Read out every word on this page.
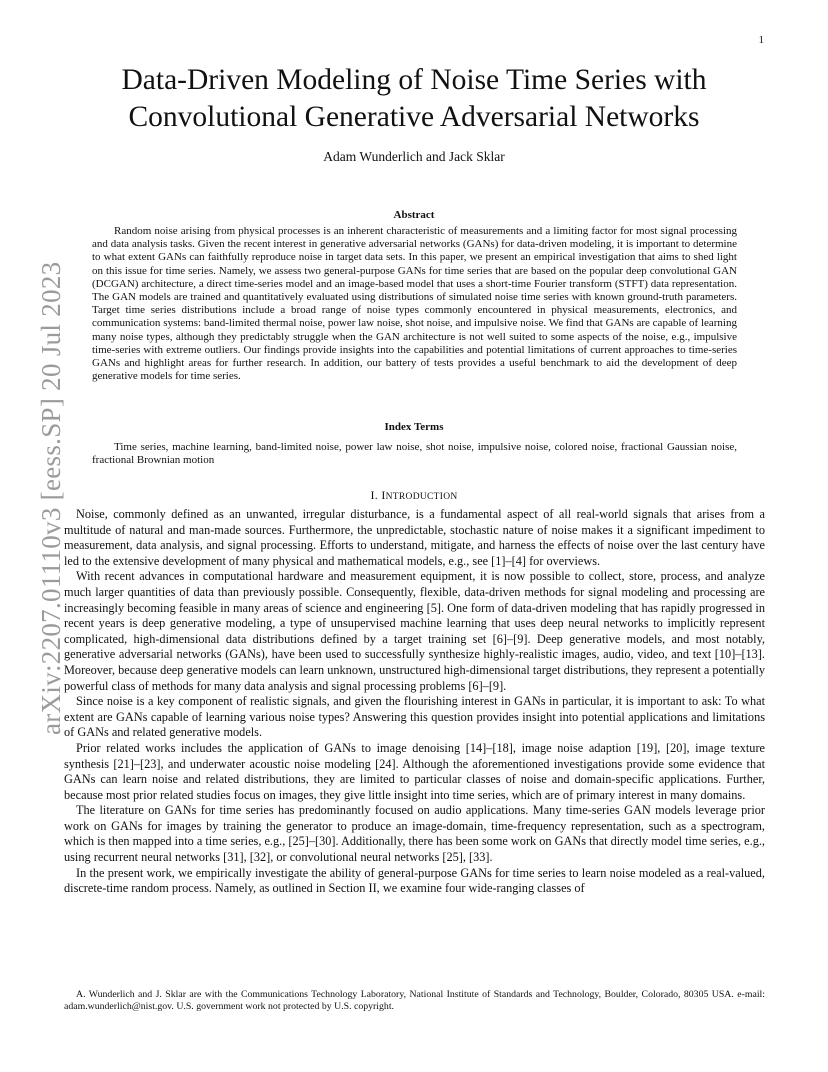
1
arXiv:2207.01110v3 [eess.SP] 20 Jul 2023
Data-Driven Modeling of Noise Time Series with
Convolutional Generative Adversarial Networks
Adam Wunderlich and Jack Sklar
Abstract

Random noise arising from physical processes is an inherent characteristic of measurements and a limiting factor for most signal processing and data analysis tasks. Given the recent interest in generative adversarial networks (GANs) for data-driven modeling, it is important to determine to what extent GANs can faithfully reproduce noise in target data sets. In this paper, we present an empirical investigation that aims to shed light on this issue for time series. Namely, we assess two general-purpose GANs for time series that are based on the popular deep convolutional GAN (DCGAN) architecture, a direct time-series model and an image-based model that uses a short-time Fourier transform (STFT) data representation. The GAN models are trained and quantitatively evaluated using distributions of simulated noise time series with known ground-truth parameters. Target time series distributions include a broad range of noise types commonly encountered in physical measurements, electronics, and communication systems: band-limited thermal noise, power law noise, shot noise, and impulsive noise. We find that GANs are capable of learning many noise types, although they predictably struggle when the GAN architecture is not well suited to some aspects of the noise, e.g., impulsive time-series with extreme outliers. Our findings provide insights into the capabilities and potential limitations of current approaches to time-series GANs and highlight areas for further research. In addition, our battery of tests provides a useful benchmark to aid the development of deep generative models for time series.

Index Terms

Time series, machine learning, band-limited noise, power law noise, shot noise, impulsive noise, colored noise, fractional Gaussian noise, fractional Brownian motion

I. INTRODUCTION

Noise, commonly defined as an unwanted, irregular disturbance, is a fundamental aspect of all real-world signals that arises from a multitude of natural and man-made sources. Furthermore, the unpredictable, stochastic nature of noise makes it a significant impediment to measurement, data analysis, and signal processing. Efforts to understand, mitigate, and harness the effects of noise over the last century have led to the extensive development of many physical and mathematical models, e.g., see [1]–[4] for overviews.

With recent advances in computational hardware and measurement equipment, it is now possible to collect, store, process, and analyze much larger quantities of data than previously possible. Consequently, flexible, data-driven methods for signal modeling and processing are increasingly becoming feasible in many areas of science and engineering [5]. One form of data-driven modeling that has rapidly progressed in recent years is deep generative modeling, a type of unsupervised machine learning that uses deep neural networks to implicitly represent complicated, high-dimensional data distributions defined by a target training set [6]–[9]. Deep generative models, and most notably, generative adversarial networks (GANs), have been used to successfully synthesize highly-realistic images, audio, video, and text [10]–[13]. Moreover, because deep generative models can learn unknown, unstructured high-dimensional target distributions, they represent a potentially powerful class of methods for many data analysis and signal processing problems [6]–[9].

Since noise is a key component of realistic signals, and given the flourishing interest in GANs in particular, it is important to ask: To what extent are GANs capable of learning various noise types? Answering this question provides insight into potential applications and limitations of GANs and related generative models.

Prior related works includes the application of GANs to image denoising [14]–[18], image noise adaption [19], [20], image texture synthesis [21]–[23], and underwater acoustic noise modeling [24]. Although the aforementioned investigations provide some evidence that GANs can learn noise and related distributions, they are limited to particular classes of noise and domain-specific applications. Further, because most prior related studies focus on images, they give little insight into time series, which are of primary interest in many domains.

The literature on GANs for time series has predominantly focused on audio applications. Many time-series GAN models leverage prior work on GANs for images by training the generator to produce an image-domain, time-frequency representation, such as a spectrogram, which is then mapped into a time series, e.g., [25]–[30]. Additionally, there has been some work on GANs that directly model time series, e.g., using recurrent neural networks [31], [32], or convolutional neural networks [25], [33].

In the present work, we empirically investigate the ability of general-purpose GANs for time series to learn noise modeled as a real-valued, discrete-time random process. Namely, as outlined in Section II, we examine four wide-ranging classes of

A. Wunderlich and J. Sklar are with the Communications Technology Laboratory, National Institute of Standards and Technology, Boulder, Colorado, 80305 USA. e-mail: adam.wunderlich@nist.gov. U.S. government work not protected by U.S. copyright.
